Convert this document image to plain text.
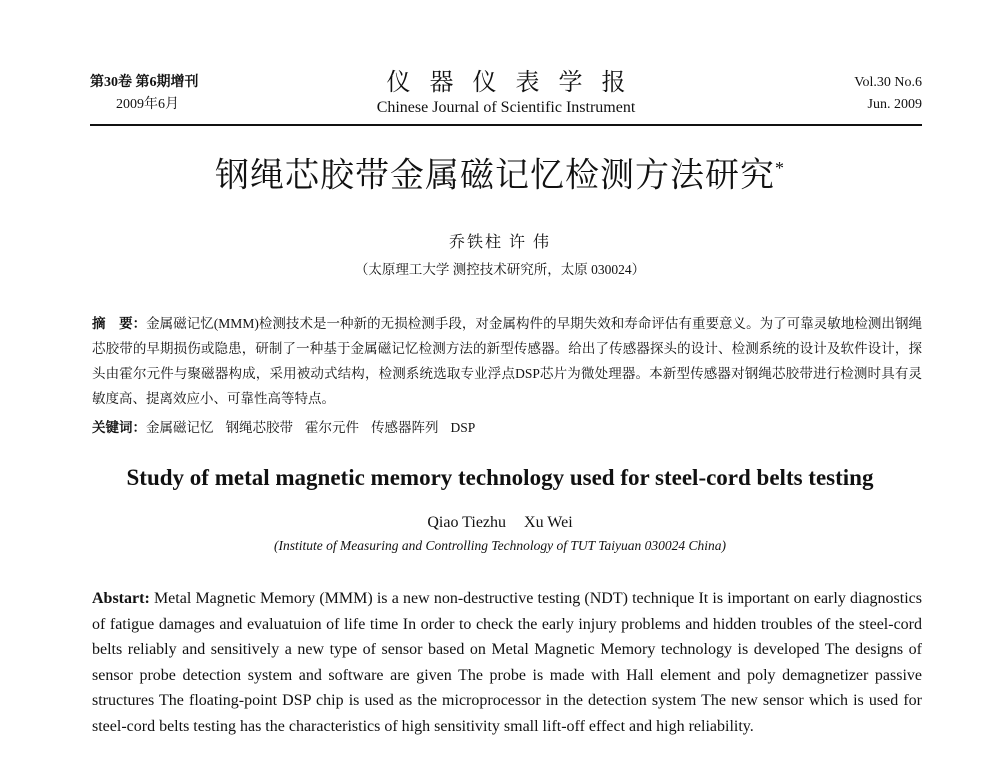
第30卷 第6期增刊
2009年6月
仪器仪表学报
Chinese Journal of Scientific Instrument
Vol.30 No.6
Jun. 2009
钢绳芯胶带金属磁记忆检测方法研究*
乔铁柱 许 伟
（太原理工大学 测控技术研究所，太原 030024）
摘　要：金属磁记忆(MMM)检测技术是一种新的无损检测手段，对金属构件的早期失效和寿命评估有重要意义。为了可靠灵敏地检测出钢绳芯胶带的早期损伤或隐患，研制了一种基于金属磁记忆检测方法的新型传感器。给出了传感器探头的设计、检测系统的设计及软件设计，探头由霍尔元件与聚磁器构成，采用被动式结构，检测系统选取专业浮点DSP芯片为微处理器。本新型传感器对钢绳芯胶带进行检测时具有灵敏度高、提离效应小、可靠性高等特点。
关键词：金属磁记忆 钢绳芯胶带 霍尔元件 传感器阵列 DSP
Study of metal magnetic memory technology used for steel-cord belts testing
Qiao Tiezhu Xu Wei
(Institute of Measuring and Controlling Technology of TUT Taiyuan 030024 China)
Abstart: Metal Magnetic Memory (MMM) is a new non-destructive testing (NDT) technique It is important on early diagnostics of fatigue damages and evaluatuion of life time In order to check the early injury problems and hidden troubles of the steel-cord belts reliably and sensitively a new type of sensor based on Metal Magnetic Memory technology is developed The designs of sensor probe detection system and software are given The probe is made with Hall element and poly demagnetizer passive structures The floating-point DSP chip is used as the microprocessor in the detection system The new sensor which is used for steel-cord belts testing has the characteristics of high sensitivity small lift-off effect and high reliability.
